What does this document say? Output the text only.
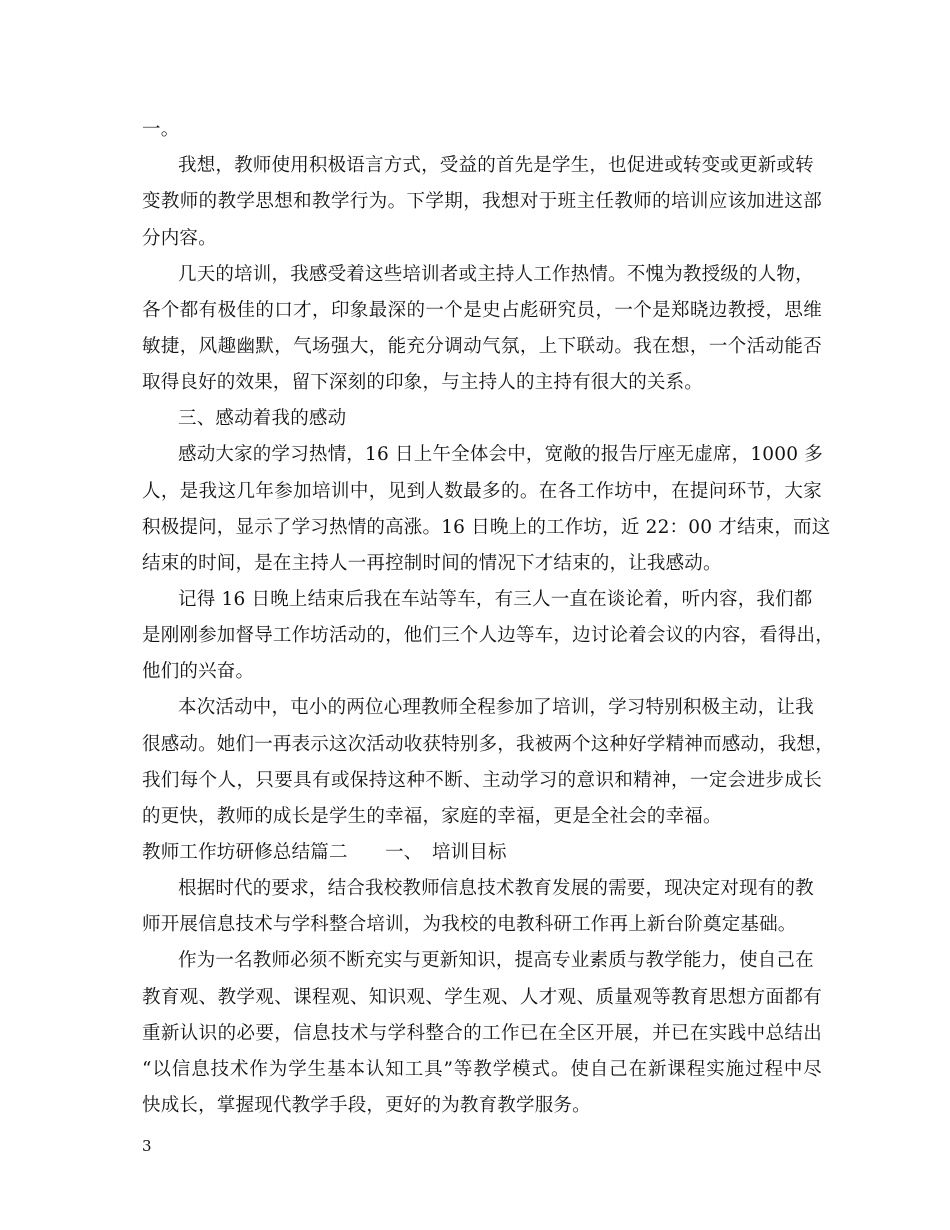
一。
我想，教师使用积极语言方式，受益的首先是学生，也促进或转变或更新或转
变教师的教学思想和教学行为。下学期，我想对于班主任教师的培训应该加进这部
分内容。
几天的培训，我感受着这些培训者或主持人工作热情。不愧为教授级的人物，
各个都有极佳的口才，印象最深的一个是史占彪研究员，一个是郑晓边教授，思维
敏捷，风趣幽默，气场强大，能充分调动气氛，上下联动。我在想，一个活动能否
取得良好的效果，留下深刻的印象，与主持人的主持有很大的关系。
三、感动着我的感动
感动大家的学习热情，16 日上午全体会中，宽敞的报告厅座无虚席，1000 多
人，是我这几年参加培训中，见到人数最多的。在各工作坊中，在提问环节，大家
积极提问，显示了学习热情的高涨。16 日晚上的工作坊，近 22：00 才结束，而这
结束的时间，是在主持人一再控制时间的情况下才结束的，让我感动。
记得 16 日晚上结束后我在车站等车，有三人一直在谈论着，听内容，我们都
是刚刚参加督导工作坊活动的，他们三个人边等车，边讨论着会议的内容，看得出，
他们的兴奋。
本次活动中，屯小的两位心理教师全程参加了培训，学习特别积极主动，让我
很感动。她们一再表示这次活动收获特别多，我被两个这种好学精神而感动，我想，
我们每个人，只要具有或保持这种不断、主动学习的意识和精神，一定会进步成长
的更快，教师的成长是学生的幸福，家庭的幸福，更是全社会的幸福。
教师工作坊研修总结篇二　　一、　培训目标
根据时代的要求，结合我校教师信息技术教育发展的需要，现决定对现有的教
师开展信息技术与学科整合培训，为我校的电教科研工作再上新台阶奠定基础。
作为一名教师必须不断充实与更新知识，提高专业素质与教学能力，使自己在
教育观、教学观、课程观、知识观、学生观、人才观、质量观等教育思想方面都有
重新认识的必要，信息技术与学科整合的工作已在全区开展，并已在实践中总结出
“以信息技术作为学生基本认知工具”等教学模式。使自己在新课程实施过程中尽
快成长，掌握现代教学手段，更好的为教育教学服务。
3
